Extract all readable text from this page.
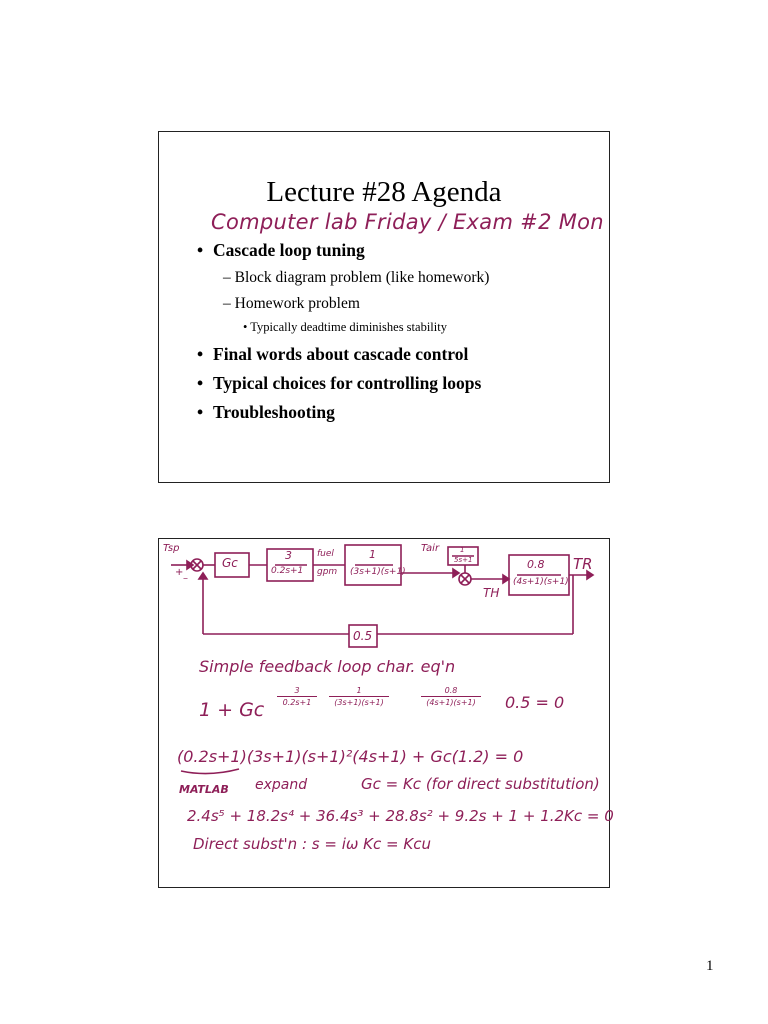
Lecture #28 Agenda
Computer lab Friday / Exam #2 Mon
• Cascade loop tuning
– Block diagram problem (like homework)
– Homework problem
• Typically deadtime diminishes stability
• Final words about cascade control
• Typical choices for controlling loops
• Troubleshooting
Tsp
+
–
Gc
3
0.2s+1
fuel
gpm
1
(3s+1)(s+1)
Tair	1
5s+1
TH
0.8
(4s+1)(s+1)
TR
0.5
Simple feedback loop char. eq'n
1 + Gc
3
0.2s+1
1
(3s+1)(s+1)
0.8
(4s+1)(s+1)	0.5 = 0
(0.2s+1)(3s+1)(s+1)²(4s+1) + Gc(1.2) = 0
MATLAB expand	Gc = Kc (for direct substitution)
2.4s⁵ + 18.2s⁴ + 36.4s³ + 28.8s² + 9.2s + 1 + 1.2Kc = 0
Direct subst'n : s = iω Kc = Kcu
1
